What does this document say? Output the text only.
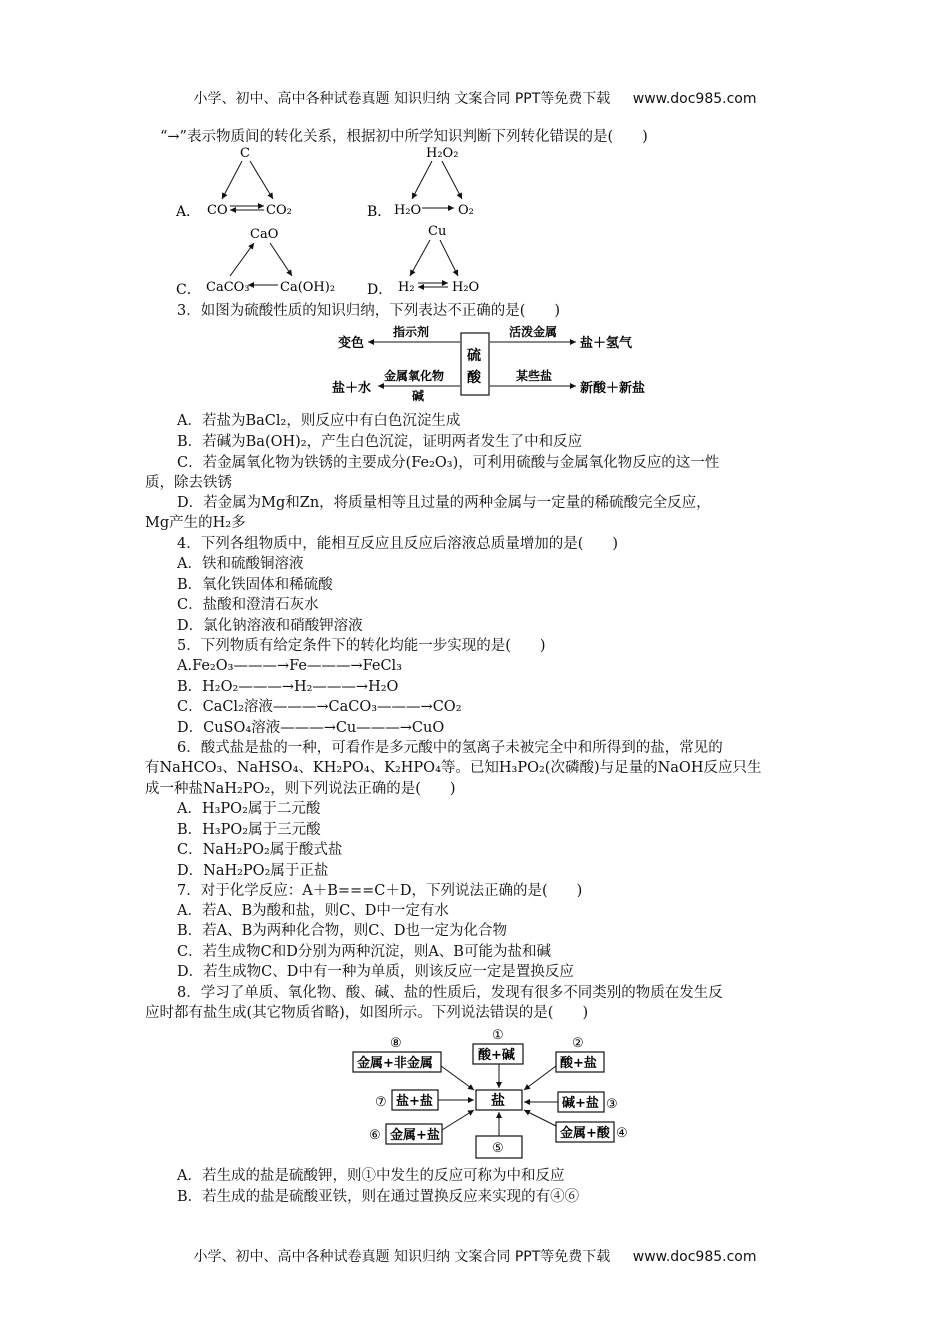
小学、初中、高中各种试卷真题 知识归纳 文案合同 PPT等免费下载 www.doc985.com
“→”表示物质间的转化关系，根据初中所学知识判断下列转化错误的是(　　)
A．
C
CO	CO₂	B．
H₂O₂
H₂O	O₂
C．
CaO
CaCO₃ Ca(OH)₂ D．
Cu
H₂	H₂O
3．如图为硫酸性质的知识归纳，下列表达不正确的是(　　)
硫
酸
变色
指示剂	活泼金属
盐＋氢气
盐＋水
金属氧化物
碱
某些盐
新酸＋新盐
A．若盐为BaCl₂，则反应中有白色沉淀生成
B．若碱为Ba(OH)₂，产生白色沉淀，证明两者发生了中和反应
C．若金属氧化物为铁锈的主要成分(Fe₂O₃)，可利用硫酸与金属氧化物反应的这一性
质，除去铁锈
D．若金属为Mg和Zn，将质量相等且过量的两种金属与一定量的稀硫酸完全反应，
Mg产生的H₂多
4．下列各组物质中，能相互反应且反应后溶液总质量增加的是(　　)
A．铁和硫酸铜溶液
B．氧化铁固体和稀硫酸
C．盐酸和澄清石灰水
D．氯化钠溶液和硝酸钾溶液
5．下列物质有给定条件下的转化均能一步实现的是(　　)
A.Fe₂O₃———→Fe———→FeCl₃
B．H₂O₂———→H₂———→H₂O
C．CaCl₂溶液———→CaCO₃———→CO₂
D．CuSO₄溶液———→Cu———→CuO
6．酸式盐是盐的一种，可看作是多元酸中的氢离子未被完全中和所得到的盐，常见的
有NaHCO₃、NaHSO₄、KH₂PO₄、K₂HPO₄等。已知H₃PO₂(次磷酸)与足量的NaOH反应只生
成一种盐NaH₂PO₂，则下列说法正确的是(　　)
A．H₃PO₂属于二元酸
B．H₃PO₂属于三元酸
C．NaH₂PO₂属于酸式盐
D．NaH₂PO₂属于正盐
7．对于化学反应：A＋B===C＋D，下列说法正确的是(　　)
A．若A、B为酸和盐，则C、D中一定有水
B．若A、B为两种化合物，则C、D也一定为化合物
C．若生成物C和D分别为两种沉淀，则A、B可能为盐和碱
D．若生成物C、D中有一种为单质，则该反应一定是置换反应
8．学习了单质、氧化物、酸、碱、盐的性质后，发现有很多不同类别的物质在发生反
应时都有盐生成(其它物质省略)，如图所示。下列说法错误的是(　　)
盐
①
酸+碱
⑧
金属+非金属
②
酸+盐
⑦ 盐+盐	碱+盐 ③
⑥ 金属+盐	金属+酸 ④
⑤
A．若生成的盐是硫酸钾，则①中发生的反应可称为中和反应
B．若生成的盐是硫酸亚铁，则在通过置换反应来实现的有④⑥
小学、初中、高中各种试卷真题 知识归纳 文案合同 PPT等免费下载 www.doc985.com
